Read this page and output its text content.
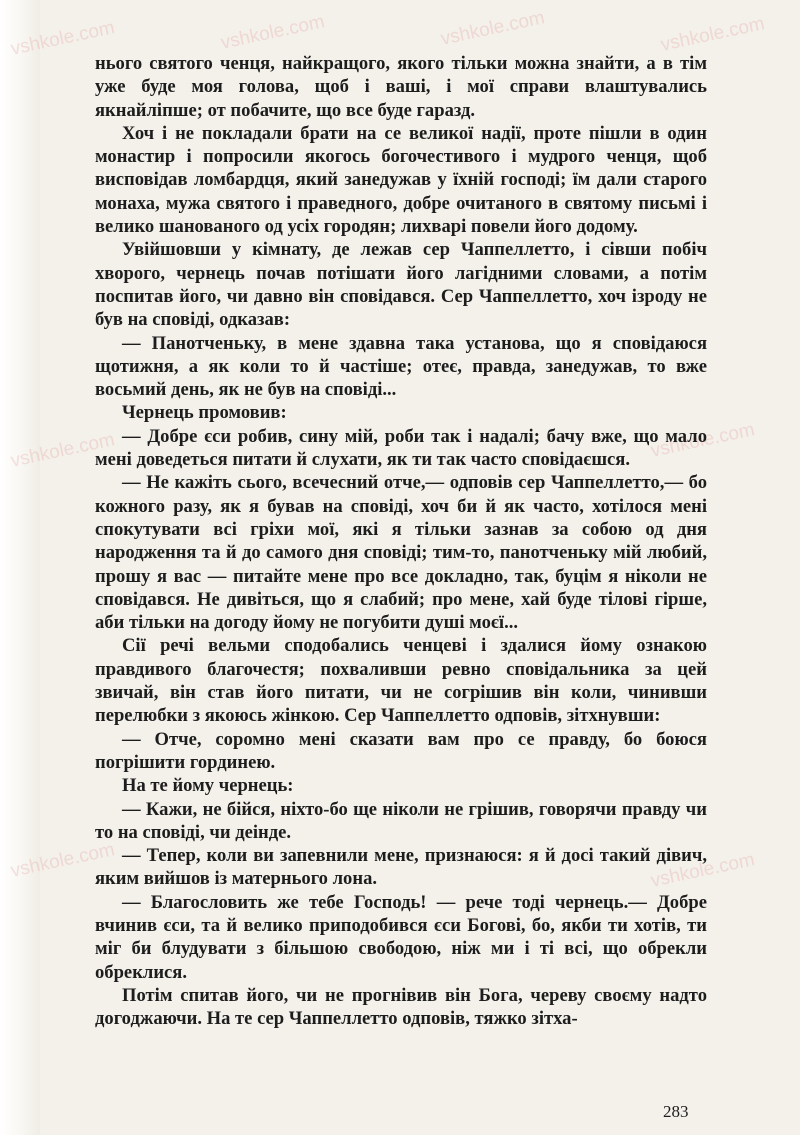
vshkole.com	vshkole.com	vshkole.com	vshkole.com
vshkole.com	vshkole.com
vshkole.com	vshkole.com

нього святого ченця, найкращого, якого тільки можна знайти, а в тім уже буде моя голова, щоб і ваші, і мої справи влаштувались якнайліпше; от побачите, що все буде гаразд.

Хоч і не покладали брати на се великої надії, проте пішли в один монастир і попросили якогось богочестивого і мудрого ченця, щоб висповідав ломбардця, який занедужав у їхній господі; їм дали старого монаха, мужа святого і праведного, добре очитаного в святому письмі і велико шанованого од усіх городян; лихварі повели його додому.

Увійшовши у кімнату, де лежав сер Чаппеллетто, і сівши побіч хворого, чернець почав потішати його лагідними словами, а потім поспитав його, чи давно він сповідався. Сер Чаппеллетто, хоч ізроду не був на сповіді, одказав:

— Панотченьку, в мене здавна така установа, що я сповідаюся щотижня, а як коли то й частіше; отеє, правда, занедужав, то вже восьмий день, як не був на сповіді...

Чернець промовив:

— Добре єси робив, сину мій, роби так і надалі; бачу вже, що мало мені доведеться питати й слухати, як ти так часто сповідаєшся.

— Не кажіть сього, всечесний отче,— одповів сер Чаппеллетто,— бо кожного разу, як я бував на сповіді, хоч би й як часто, хотілося мені спокутувати всі гріхи мої, які я тільки зазнав за собою од дня народження та й до самого дня сповіді; тим-то, панотченьку мій любий, прошу я вас — питайте мене про все докладно, так, буцім я ніколи не сповідався. Не дивіться, що я слабий; про мене, хай буде тілові гірше, аби тільки на догоду йому не погубити душі моєї...

Сії речі вельми сподобались ченцеві і здалися йому ознакою правдивого благочестя; похваливши ревно сповідальника за цей звичай, він став його питати, чи не согрішив він коли, чинивши перелюбки з якоюсь жінкою. Сер Чаппеллетто одповів, зітхнувши:

— Отче, соромно мені сказати вам про се правду, бо боюся погрішити гординею.

На те йому чернець:

— Кажи, не бійся, ніхто-бо ще ніколи не грішив, говорячи правду чи то на сповіді, чи деінде.

— Тепер, коли ви запевнили мене, признаюся: я й досі такий дівич, яким вийшов із матернього лона.

— Благословить же тебе Господь! — рече тоді чернець.— Добре вчинив єси, та й велико приподобився єси Богові, бо, якби ти хотів, ти міг би блудувати з більшою свободою, ніж ми і ті всі, що обрекли обреклися.

Потім спитав його, чи не прогнівив він Бога, череву своєму надто догоджаючи. На те сер Чаппеллетто одповів, тяжко зітха-

283
